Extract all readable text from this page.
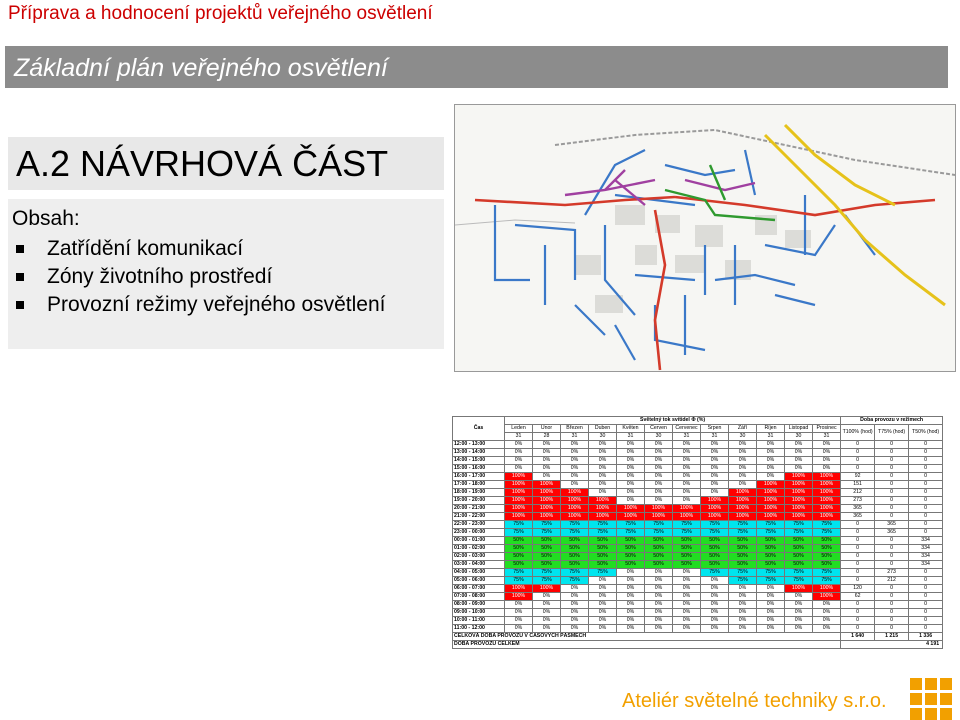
Příprava a hodnocení projektů veřejného osvětlení
Základní plán veřejného osvětlení
A.2 NÁVRHOVÁ ČÁST
Obsah:
Zatřídění komunikací
Zóny životního prostředí
Provozní režimy veřejného osvětlení
Čas	Světelný tok svítidel Φ (%)												Doba provozu v režimech		
	Leden	Únor	Březen	Duben	Květen	Červen	Červenec	Srpen	Září	Říjen	Listopad	Prosinec	T100% (hod)	T75% (hod)	T50% (hod)
	31	28	31	30	31	30	31	31	30	31	30	31			
12:00 - 13:00	0%	0%	0%	0%	0%	0%	0%	0%	0%	0%	0%	0%	0	0	0
13:00 - 14:00	0%	0%	0%	0%	0%	0%	0%	0%	0%	0%	0%	0%	0	0	0
14:00 - 15:00	0%	0%	0%	0%	0%	0%	0%	0%	0%	0%	0%	0%	0	0	0
15:00 - 16:00	0%	0%	0%	0%	0%	0%	0%	0%	0%	0%	0%	0%	0	0	0
16:00 - 17:00	100%	0%	0%	0%	0%	0%	0%	0%	0%	0%	100%	100%	92	0	0
17:00 - 18:00	100%	100%	0%	0%	0%	0%	0%	0%	0%	100%	100%	100%	151	0	0
18:00 - 19:00	100%	100%	100%	0%	0%	0%	0%	0%	100%	100%	100%	100%	212	0	0
19:00 - 20:00	100%	100%	100%	100%	0%	0%	0%	100%	100%	100%	100%	100%	273	0	0
20:00 - 21:00	100%	100%	100%	100%	100%	100%	100%	100%	100%	100%	100%	100%	365	0	0
21:00 - 22:00	100%	100%	100%	100%	100%	100%	100%	100%	100%	100%	100%	100%	365	0	0
22:00 - 23:00	75%	75%	75%	75%	75%	75%	75%	75%	75%	75%	75%	75%	0	365	0
23:00 - 00:00	75%	75%	75%	75%	75%	75%	75%	75%	75%	75%	75%	75%	0	365	0
00:00 - 01:00	50%	50%	50%	50%	50%	50%	50%	50%	50%	50%	50%	50%	0	0	334
01:00 - 02:00	50%	50%	50%	50%	50%	50%	50%	50%	50%	50%	50%	50%	0	0	334
02:00 - 03:00	50%	50%	50%	50%	50%	50%	50%	50%	50%	50%	50%	50%	0	0	334
03:00 - 04:00	50%	50%	50%	50%	50%	50%	50%	50%	50%	50%	50%	50%	0	0	334
04:00 - 05:00	75%	75%	75%	75%	0%	0%	0%	75%	75%	75%	75%	75%	0	273	0
05:00 - 06:00	75%	75%	75%	0%	0%	0%	0%	0%	75%	75%	75%	75%	0	212	0
06:00 - 07:00	100%	100%	0%	0%	0%	0%	0%	0%	0%	0%	100%	100%	120	0	0
07:00 - 08:00	100%	0%	0%	0%	0%	0%	0%	0%	0%	0%	0%	100%	62	0	0
08:00 - 09:00	0%	0%	0%	0%	0%	0%	0%	0%	0%	0%	0%	0%	0	0	0
09:00 - 10:00	0%	0%	0%	0%	0%	0%	0%	0%	0%	0%	0%	0%	0	0	0
10:00 - 11:00	0%	0%	0%	0%	0%	0%	0%	0%	0%	0%	0%	0%	0	0	0
11:00 - 12:00	0%	0%	0%	0%	0%	0%	0%	0%	0%	0%	0%	0%	0	0	0
CELKOVÁ DOBA PROVOZU V ČASOVÝCH PÁSMECH													1 640	1 215	1 336
DOBA PROVOZU CELKEM													4 191		
Ateliér světelné techniky s.r.o.
